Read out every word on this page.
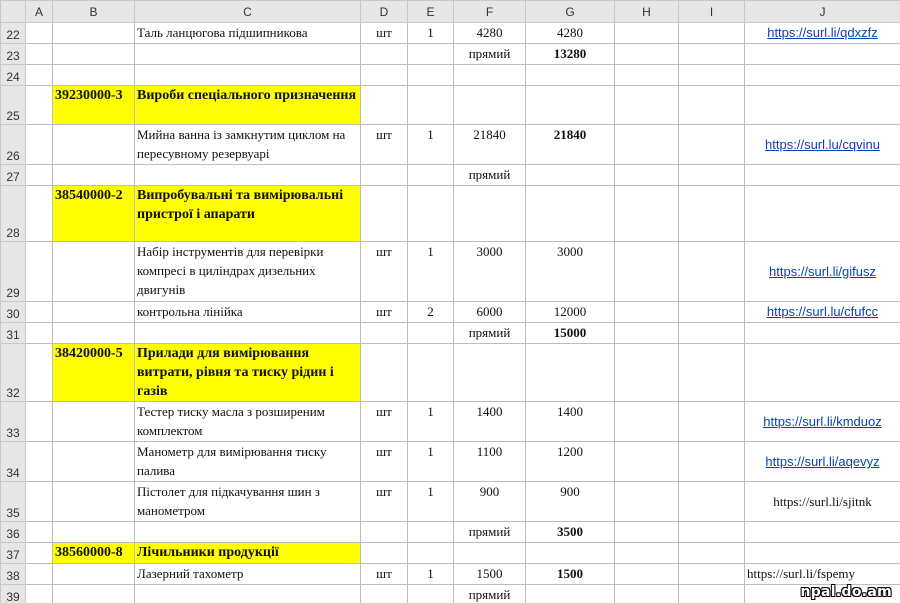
	A	B	C	D	E	F	G	H	I	J
22			Таль ланцюгова підшипникова	шт	1	4280	4280			https://surl.li/qdxzfz
23						прямий	13280			
24										
25		39230000-3	Вироби спеціального призначення							
26			Мийна ванна із замкнутим циклом на пересувному резервуарі	шт	1	21840	21840			https://surl.lu/cqvinu
27						прямий				
28		38540000-2	Випробувальні та вимірювальні пристрої і апарати							
29			Набір інструментів для перевірки компресі в циліндрах дизельних двигунів	шт	1	3000	3000			https://surl.li/gifusz
30			контрольна лінійка	шт	2	6000	12000			https://surl.lu/cfufcc
31						прямий	15000			
32		38420000-5	Прилади для вимірювання витрати, рівня та тиску рідин і газів							
33			Тестер тиску масла з розширеним комплектом	шт	1	1400	1400			https://surl.li/kmduoz
34			Манометр для вимірювання тиску палива	шт	1	1100	1200			https://surl.li/aqevyz
35			Пістолет для підкачування шин з манометром	шт	1	900	900			https://surl.li/sjitnk
36						прямий	3500			
37		38560000-8	Лічильники продукції							
38			Лазерний тахометр	шт	1	1500	1500			https://surl.li/fspemy
39						прямий					npal.do.am
